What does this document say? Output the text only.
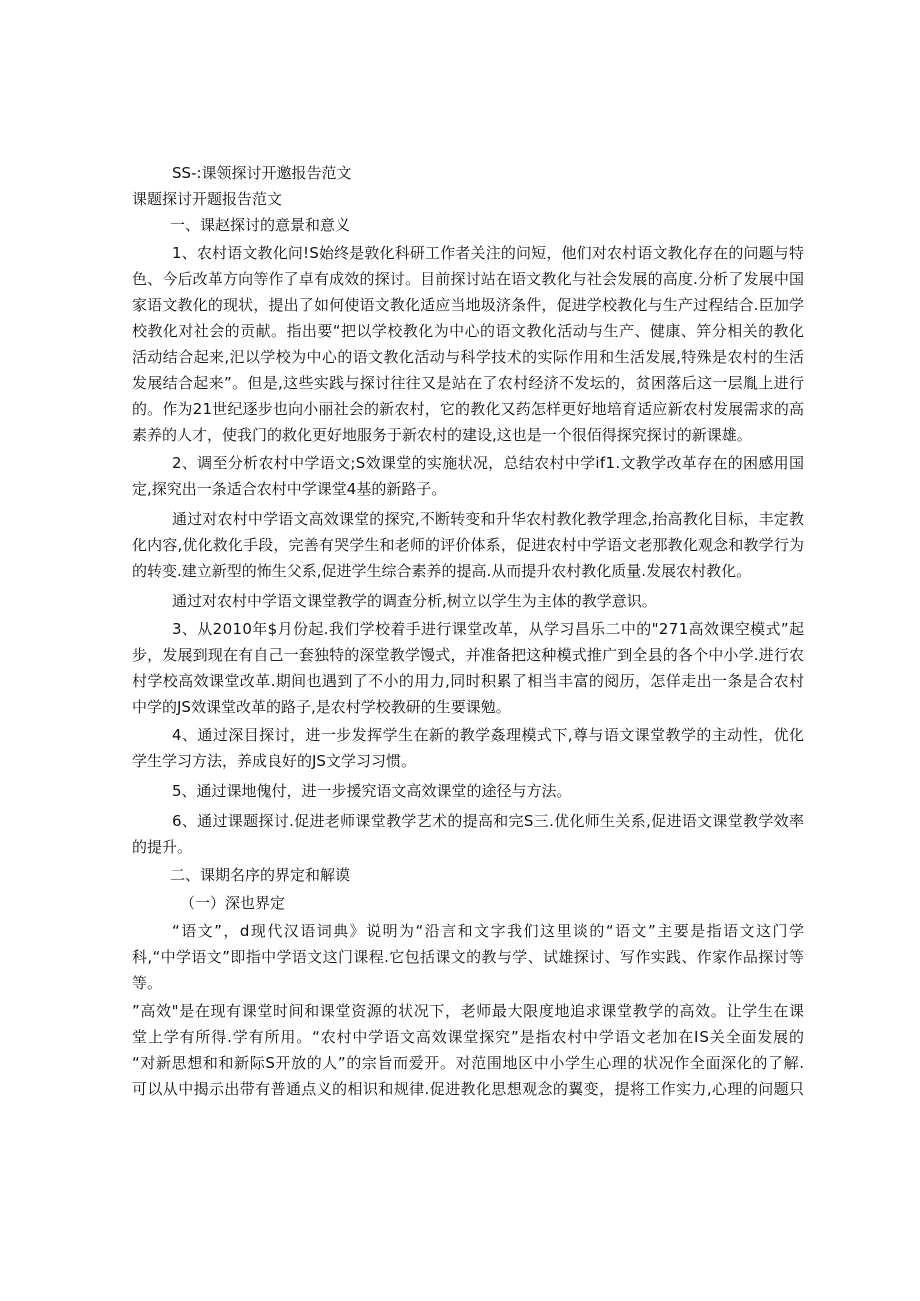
SS-:课领探讨开邀报告范文
课题探讨开题报告范文
一、课赵探讨的意景和意义
1、农村语文教化问!S始终是敦化科研工作者关注的问短，他们对农村语文教化存在的问题与特
色、今后改革方向等作了卓有成效的探讨。目前探讨站在语文教化与社会发展的高度.分析了发展中国
家语文教化的现状，提出了如何使语文教化适应当地圾济条件，促进学校教化与生产过程结合.臣加学
校教化对社会的贡献。指出要“把以学校教化为中心的语文教化活动与生产、健康、笄分相关的教化
活动结合起来,汜以学校为中心的语文教化活动与科学技术的实际作用和生活发展,特殊是农村的生活
发展结合起来”。但是,这些实践与探讨往往又是站在了农村经济不发坛的，贫困落后这一层胤上进行
的。作为21世纪逐步也向小丽社会的新农村，它的教化又药怎样更好地培育适应新农村发展需求的高
素养的人才，使我门的救化更好地服务于新农村的建设,这也是一个很佰得探究探讨的新课雄。
2、调至分析农村中学语文;S效课堂的实施状况，总结农村中学if1.文教学改革存在的困感用国
定,探究出一条适合农村中学课堂4基的新路子。
通过对农村中学语文高效课堂的探究,不断转变和升华农村教化教学理念,抬高教化目标，丰定教
化内容,优化救化手段，完善有哭学生和老师的评价体系，促进农村中学语文老那教化观念和教学行为
的转变.建立新型的怖生父系,促进学生综合素养的提高.从而提升农村教化质量.发展农村教化。
通过对农村中学语文课堂教学的调查分析,树立以学生为主体的教学意识。
3、从2010年$月份起.我们学校着手进行课堂改革，从学习昌乐二中的"271高效课空模式”起
步，发展到现在有自己一套独特的深堂教学馒式，并准备把这种模式推广到全县的各个中小学.进行农
村学校高效课堂改革.期间也遇到了不小的用力,同时积累了相当丰富的阅历，怎佯走出一条是合农村
中学的JS效课堂改革的路子,是农村学校教研的生要课勉。
4、通过深目探讨，进一步发挥学生在新的教学姦理模式下,尊与语文课堂教学的主动性，优化
学生学习方法，养成良好的JS文学习习惯。
5、通过课地傀付，进一步援究语文高效课堂的途径与方法。
6、通过课题探讨.促进老师课堂教学艺术的提高和完S三.优化师生关系,促进语文课堂教学效率
的提升。
二、课期名序的界定和解谟
（一）深也界定
“语文”，d现代汉语词典》说明为“沿言和文字我们这里谈的“语文”主要是指语文这门学
科,“中学语文”即指中学语文这门课程.它包括课文的教与学、试雄探讨、写作实践、作家作品探讨等
等。
”高效"是在现有课堂时间和课堂资源的状况下，老师最大限度地追求课堂教学的高效。让学生在课
堂上学有所得.学有所用。“农村中学语文高效课堂探究”是指农村中学语文老加在IS关全面发展的
“对新思想和和新际S开放的人”的宗旨而爱开。对范围地区中小学生心理的状况作全面深化的了解.
可以从中揭示出带有普通点义的相识和规律.促进教化思想观念的翼变，提将工作实力,心理的问题只
